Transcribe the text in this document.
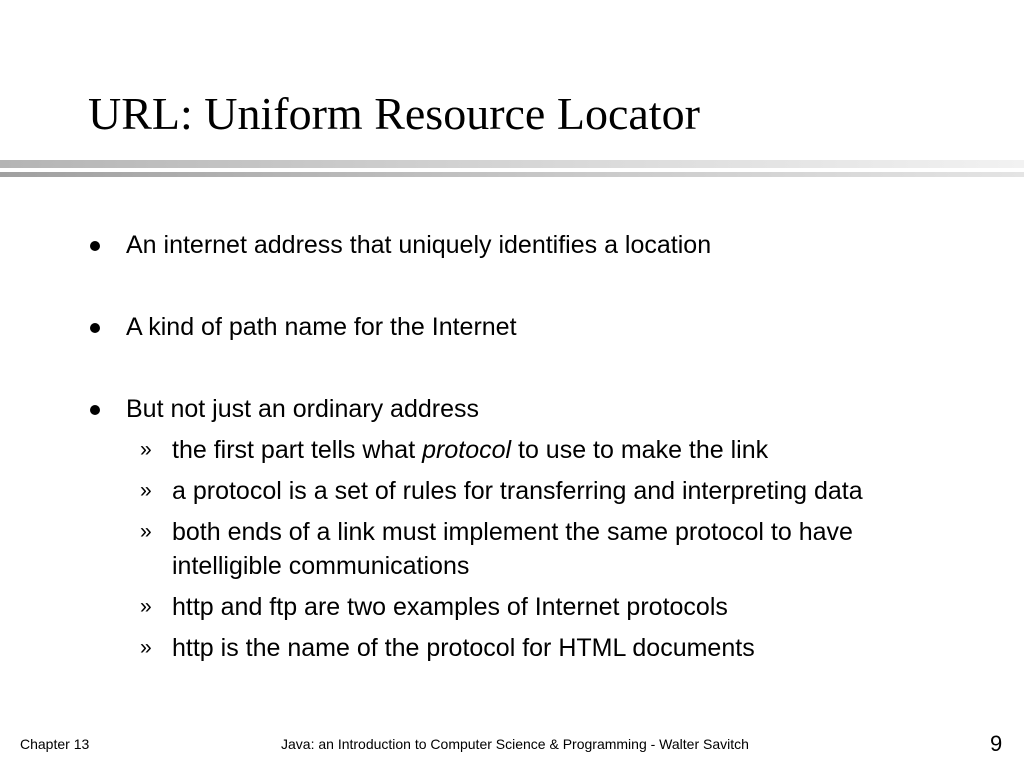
URL: Uniform Resource Locator
An internet address that uniquely identifies a location
A kind of path name for the Internet
But not just an ordinary address
» the first part tells what protocol to use to make the link
» a protocol is a set of rules for transferring and interpreting data
» both ends of a link must implement the same protocol to have
intelligible communications
» http and ftp are two examples of Internet protocols
» http is the name of the protocol for HTML documents
Chapter 13	Java: an Introduction to Computer Science & Programming - Walter Savitch	9
